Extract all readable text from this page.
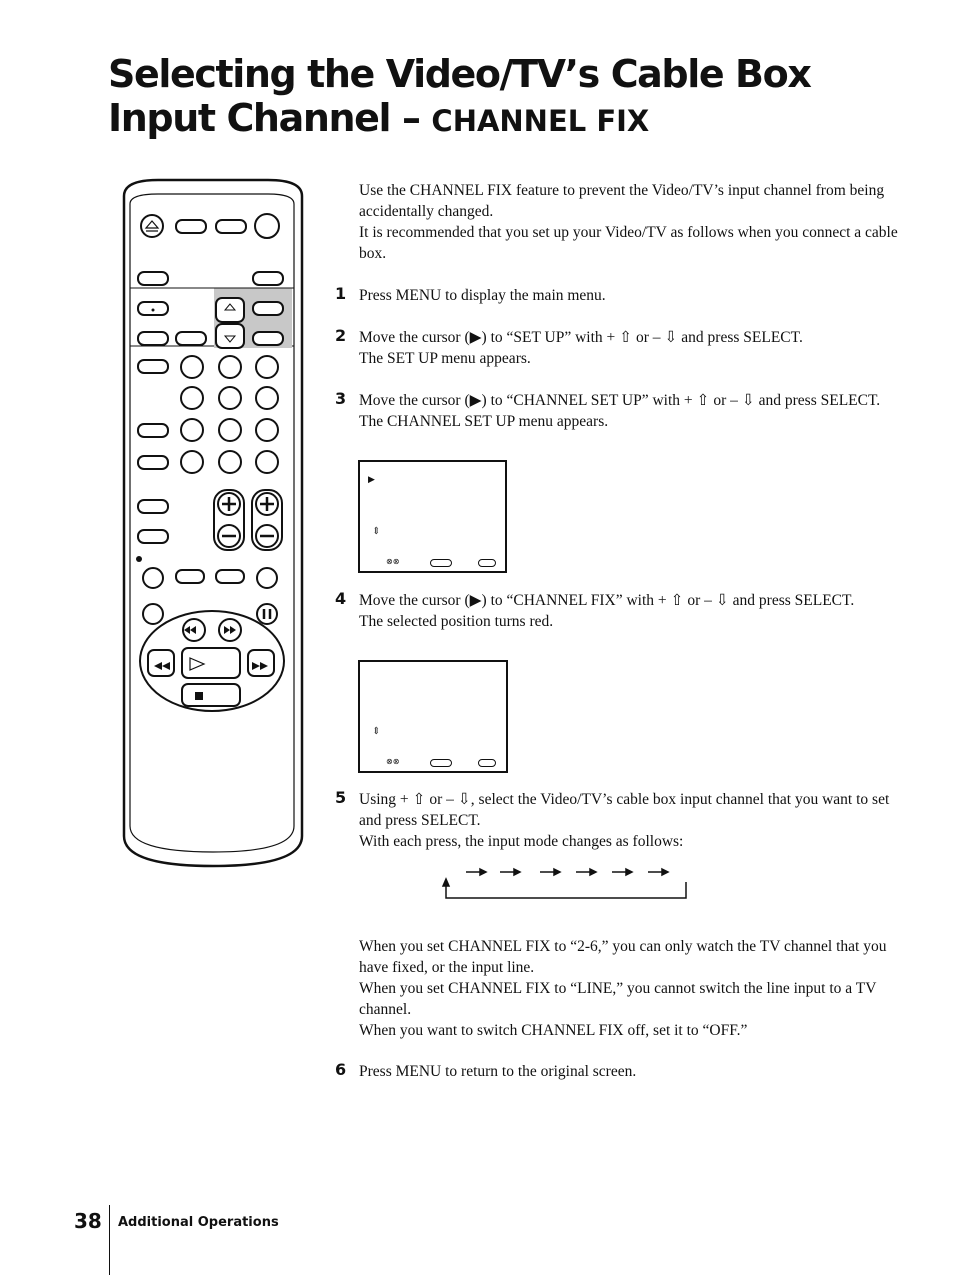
Selecting the Video/TV’s Cable Box
Input Channel – CHANNEL FIX

Use the CHANNEL FIX feature to prevent the Video/TV’s input channel from being accidentally changed.

It is recommended that you set up your Video/TV as follows when you connect a cable box.

1 Press MENU to display the main menu.

2 Move the cursor (▶) to “SET UP” with + ⇧ or – ⇩ and press SELECT.

The SET UP menu appears.

3 Move the cursor (▶) to “CHANNEL SET UP” with + ⇧ or – ⇩ and press SELECT.

The CHANNEL SET UP menu appears.

▶
⇕
⊗⊗
4 Move the cursor (▶) to “CHANNEL FIX” with + ⇧ or – ⇩ and press SELECT.

The selected position turns red.

⇕
⊗⊗
5 Using + ⇧ or – ⇩, select the Video/TV’s cable box input channel that you want to set and press SELECT.

With each press, the input mode changes as follows:

When you set CHANNEL FIX to “2-6,” you can only watch the TV channel that you have fixed, or the input line.

When you set CHANNEL FIX to “LINE,” you cannot switch the line input to a TV channel.

When you want to switch CHANNEL FIX off, set it to “OFF.”

6 Press MENU to return to the original screen.

38 Additional Operations
